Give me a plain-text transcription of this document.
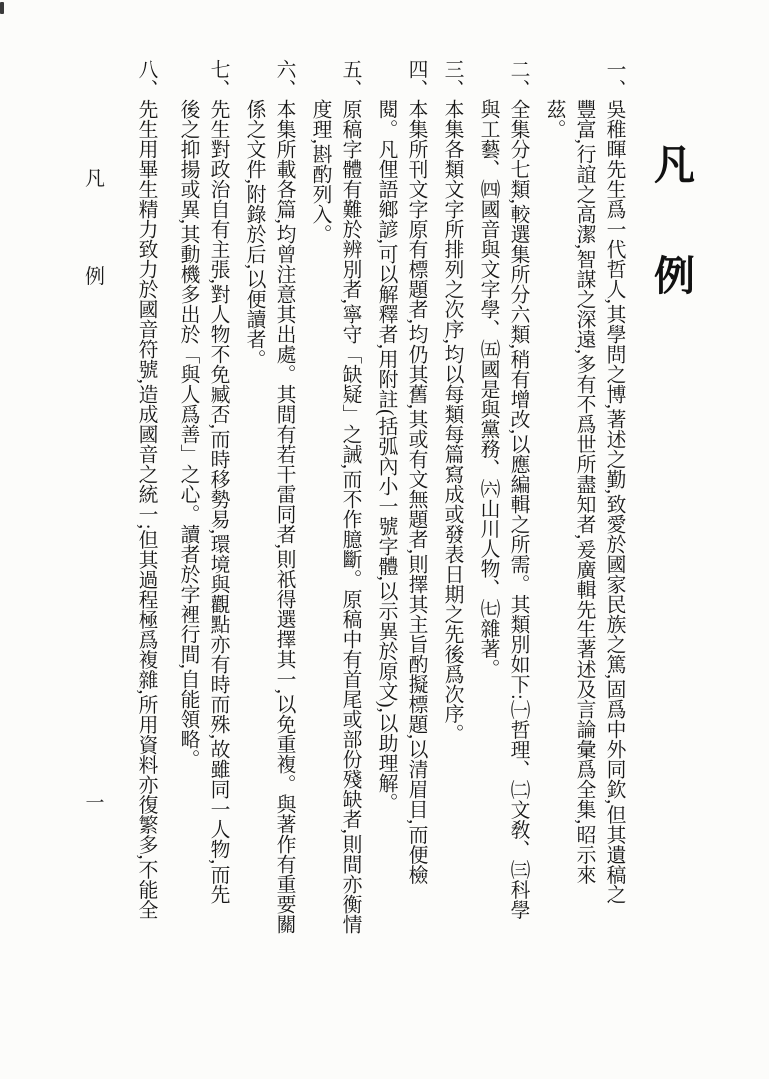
凡例

一、吳稚暉先生爲一代哲人,其學問之博,著述之勤,致愛於國家民族之篤,固爲中外同欽,但其遺稿之

豐富,行誼之高潔,智謀之深遠,多有不爲世所盡知者,爰廣輯先生著述及言論彙爲全集,昭示來

茲。

二、全集分七類,較選集所分六類,稍有增改,以應編輯之所需。其類別如下:㈠哲理、㈡文敎、㈢科學

與工藝、㈣國音與文字學、㈤國是與黨務、㈥山川人物、㈦雜著。

三、本集各類文字所排列之次序,均以每類每篇寫成或發表日期之先後爲次序。

四、本集所刊文字原有標題者,均仍其舊,其或有文無題者,則擇其主旨酌擬標題,以清眉目,而便檢

閱。凡俚語鄉諺,可以解釋者,用附註(括弧內小一號字體,以示異於原文),以助理解。

五、原稿字體有難於辨別者,寧守「缺疑」之誡,而不作臆斷。原稿中有首尾或部份殘缺者,則間亦衡情

度理,斟酌列入。

六、本集所載各篇,均曾注意其出處。其間有若干雷同者,則祇得選擇其一,以免重複。與著作有重要關

係之文件,附錄於后,以便讀者。

七、先生對政治自有主張,對人物不免臧否,而時移勢易,環境與觀點亦有時而殊,故雖同一人物,而先

後之抑揚或異,其動機多出於「與人爲善」之心。讀者於字裡行間,自能領略。

八、先生用畢生精力致力於國音符號,造成國音之統一;但其過程極爲複雜,所用資料亦復繁多,不能全

凡
例
一
